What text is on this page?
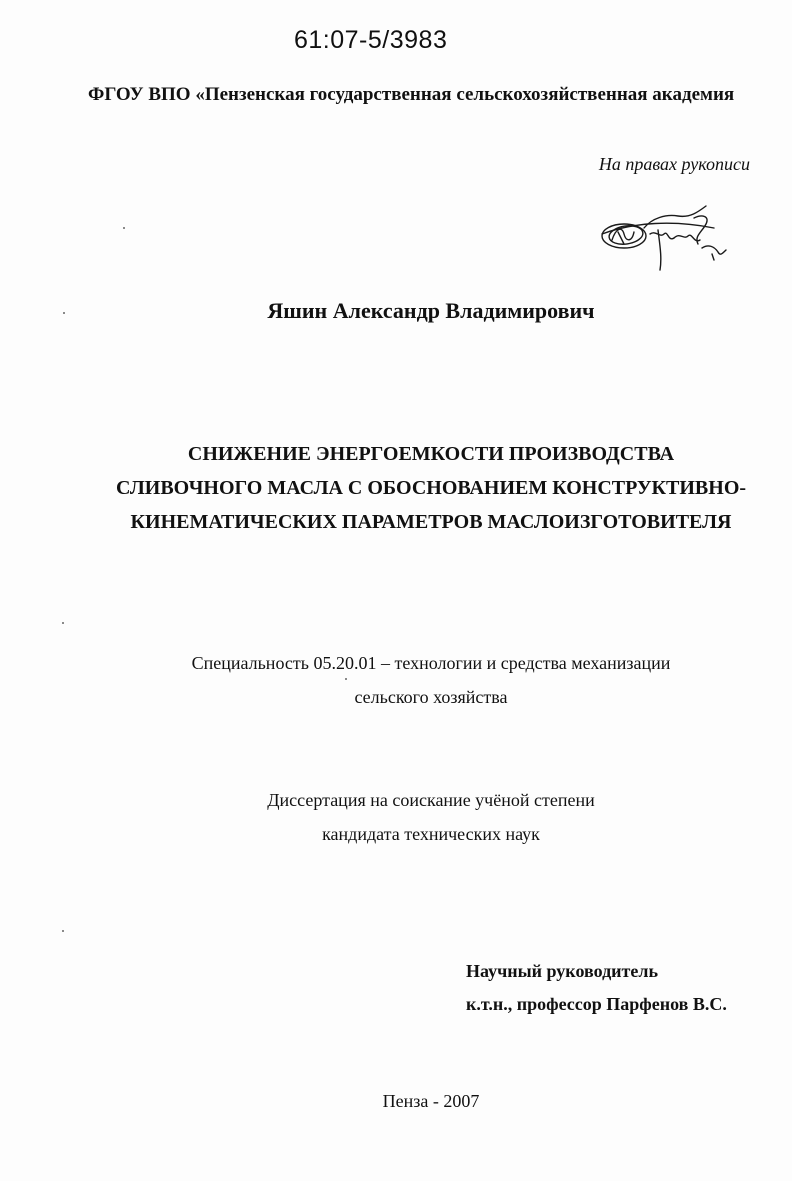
61:07-5/3983
ФГОУ ВПО «Пензенская государственная сельскохозяйственная академия
На правах рукописи
Яшин Александр Владимирович
СНИЖЕНИЕ ЭНЕРГОЕМКОСТИ ПРОИЗВОДСТВА
СЛИВОЧНОГО МАСЛА С ОБОСНОВАНИЕМ КОНСТРУКТИВНО-
КИНЕМАТИЧЕСКИХ ПАРАМЕТРОВ МАСЛОИЗГОТОВИТЕЛЯ
Специальность 05.20.01 – технологии и средства механизации
сельского хозяйства
Диссертация на соискание учёной степени
кандидата технических наук
Научный руководитель
к.т.н., профессор Парфенов В.С.
Пенза - 2007
